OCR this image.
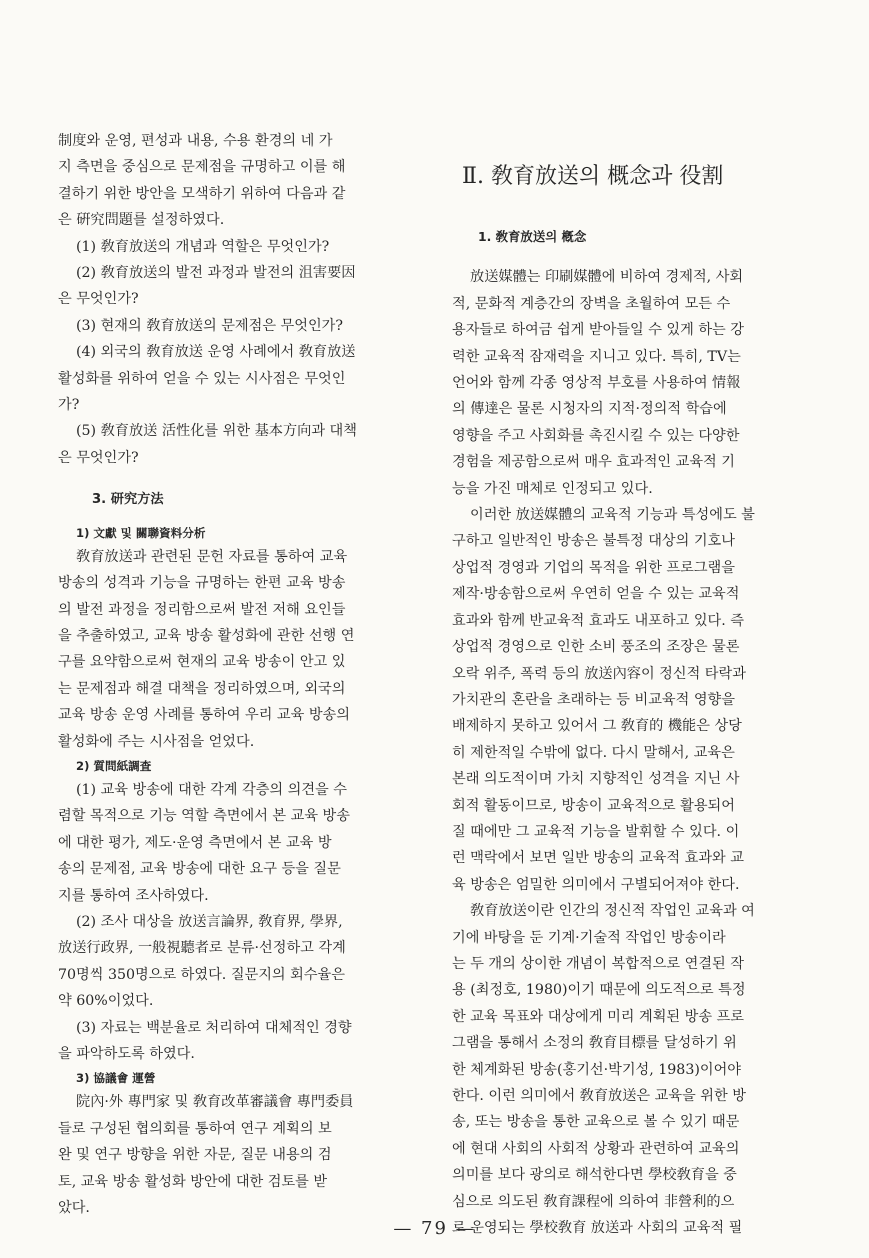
制度와 운영, 편성과 내용, 수용 환경의 네 가

지 측면을 중심으로 문제점을 규명하고 이를 해

결하기 위한 방안을 모색하기 위하여 다음과 같

은 硏究問題를 설정하였다.

(1) 敎育放送의 개념과 역할은 무엇인가?

(2) 敎育放送의 발전 과정과 발전의 沮害要因

은 무엇인가?

(3) 현재의 敎育放送의 문제점은 무엇인가?

(4) 외국의 敎育放送 운영 사례에서 敎育放送

활성화를 위하여 얻을 수 있는 시사점은 무엇인

가?

(5) 敎育放送 活性化를 위한 基本方向과 대책

은 무엇인가?

3. 研究方法

1) 文獻 및 關聯資料分析

敎育放送과 관련된 문헌 자료를 통하여 교육

방송의 성격과 기능을 규명하는 한편 교육 방송

의 발전 과정을 정리함으로써 발전 저해 요인들

을 추출하였고, 교육 방송 활성화에 관한 선행 연

구를 요약함으로써 현재의 교육 방송이 안고 있

는 문제점과 해결 대책을 정리하였으며, 외국의

교육 방송 운영 사례를 통하여 우리 교육 방송의

활성화에 주는 시사점을 얻었다.

2) 質問紙調査

(1) 교육 방송에 대한 각계 각층의 의견을 수

렴할 목적으로 기능 역할 측면에서 본 교육 방송

에 대한 평가, 제도·운영 측면에서 본 교육 방

송의 문제점, 교육 방송에 대한 요구 등을 질문

지를 통하여 조사하였다.

(2) 조사 대상을 放送言論界, 敎育界, 學界,

放送行政界, 一般視聽者로 분류·선정하고 각계

70명씩 350명으로 하였다. 질문지의 회수율은

약 60%이었다.

(3) 자료는 백분율로 처리하여 대체적인 경향

을 파악하도록 하였다.

3) 協議會 運營

院內·外 專門家 및 敎育改革審議會 專門委員

들로 구성된 협의회를 통하여 연구 계획의 보

완 및 연구 방향을 위한 자문, 질문 내용의 검

토, 교육 방송 활성화 방안에 대한 검토를 받

았다.

Ⅱ. 敎育放送의 概念과 役割

1. 敎育放送의 槪念

放送媒體는 印刷媒體에 비하여 경제적, 사회

적, 문화적 계층간의 장벽을 초월하여 모든 수

용자들로 하여금 쉽게 받아들일 수 있게 하는 강

력한 교육적 잠재력을 지니고 있다. 특히, TV는

언어와 함께 각종 영상적 부호를 사용하여 情報

의 傳達은 물론 시청자의 지적·정의적 학습에

영향을 주고 사회화를 촉진시킬 수 있는 다양한

경험을 제공함으로써 매우 효과적인 교육적 기

능을 가진 매체로 인정되고 있다.

이러한 放送媒體의 교육적 기능과 특성에도 불

구하고 일반적인 방송은 불특정 대상의 기호나

상업적 경영과 기업의 목적을 위한 프로그램을

제작·방송함으로써 우연히 얻을 수 있는 교육적

효과와 함께 반교육적 효과도 내포하고 있다. 즉

상업적 경영으로 인한 소비 풍조의 조장은 물론

오락 위주, 폭력 등의 放送內容이 정신적 타락과

가치관의 혼란을 초래하는 등 비교육적 영향을

배제하지 못하고 있어서 그 敎育的 機能은 상당

히 제한적일 수밖에 없다. 다시 말해서, 교육은

본래 의도적이며 가치 지향적인 성격을 지닌 사

회적 활동이므로, 방송이 교육적으로 활용되어

질 때에만 그 교육적 기능을 발휘할 수 있다. 이

런 맥락에서 보면 일반 방송의 교육적 효과와 교

육 방송은 엄밀한 의미에서 구별되어져야 한다.

敎育放送이란 인간의 정신적 작업인 교육과 여

기에 바탕을 둔 기계·기술적 작업인 방송이라

는 두 개의 상이한 개념이 복합적으로 연결된 작

용 (최정호, 1980)이기 때문에 의도적으로 특정

한 교육 목표와 대상에게 미리 계획된 방송 프로

그램을 통해서 소정의 敎育目標를 달성하기 위

한 체계화된 방송(홍기선·박기성, 1983)이어야

한다. 이런 의미에서 敎育放送은 교육을 위한 방

송, 또는 방송을 통한 교육으로 볼 수 있기 때문

에 현대 사회의 사회적 상황과 관련하여 교육의

의미를 보다 광의로 해석한다면 學校敎育을 중

심으로 의도된 敎育課程에 의하여 非營利的으

로 운영되는 學校敎育 放送과 사회의 교육적 필

— 79 —
